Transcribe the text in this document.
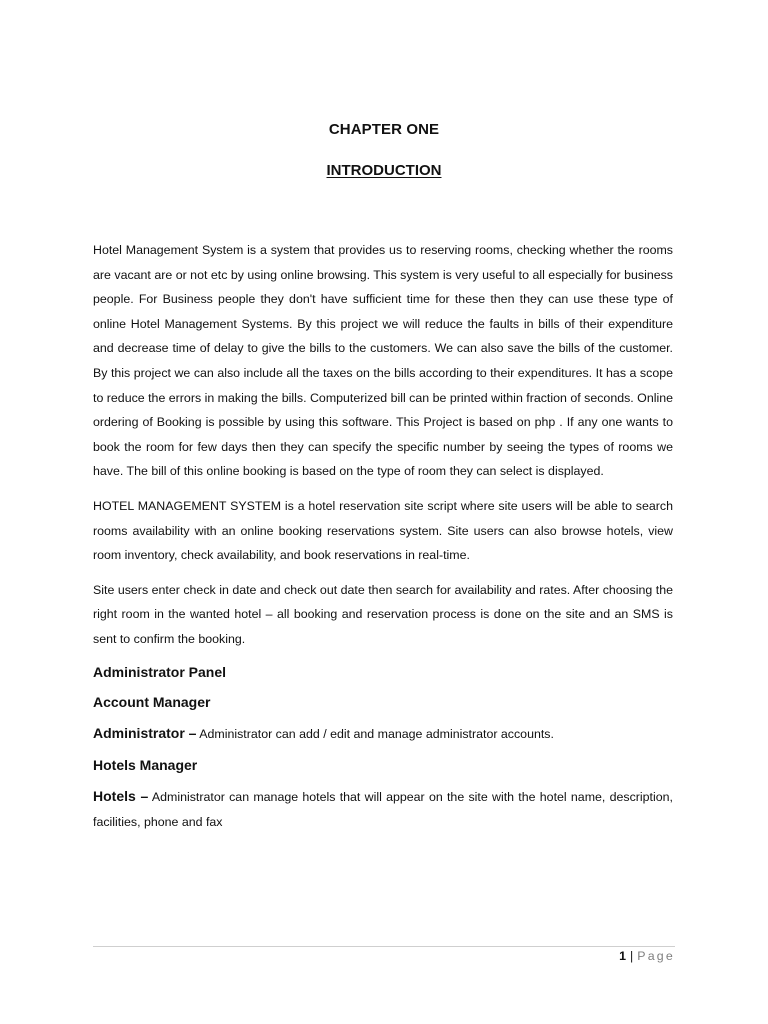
CHAPTER ONE
INTRODUCTION

Hotel Management System is a system that provides us to reserving rooms, checking whether the rooms are vacant are or not etc by using online browsing. This system is very useful to all especially for business people. For Business people they don't have sufficient time for these then they can use these type of online Hotel Management Systems. By this project we will reduce the faults in bills of their expenditure and decrease time of delay to give the bills to the customers. We can also save the bills of the customer. By this project we can also include all the taxes on the bills according to their expenditures. It has a scope to reduce the errors in making the bills. Computerized bill can be printed within fraction of seconds. Online ordering of Booking is possible by using this software. This Project is based on php . If any one wants to book the room for few days then they can specify the specific number by seeing the types of rooms we have. The bill of this online booking is based on the type of room they can select is displayed.

HOTEL MANAGEMENT SYSTEM is a hotel reservation site script where site users will be able to search rooms availability with an online booking reservations system. Site users can also browse hotels, view room inventory, check availability, and book reservations in real-time.

Site users enter check in date and check out date then search for availability and rates. After choosing the right room in the wanted hotel – all booking and reservation process is done on the site and an SMS is sent to confirm the booking.

Administrator Panel

Account Manager

Administrator – Administrator can add / edit and manage administrator accounts.

Hotels Manager

Hotels – Administrator can manage hotels that will appear on the site with the hotel name, description, facilities, phone and fax

1 | Page
